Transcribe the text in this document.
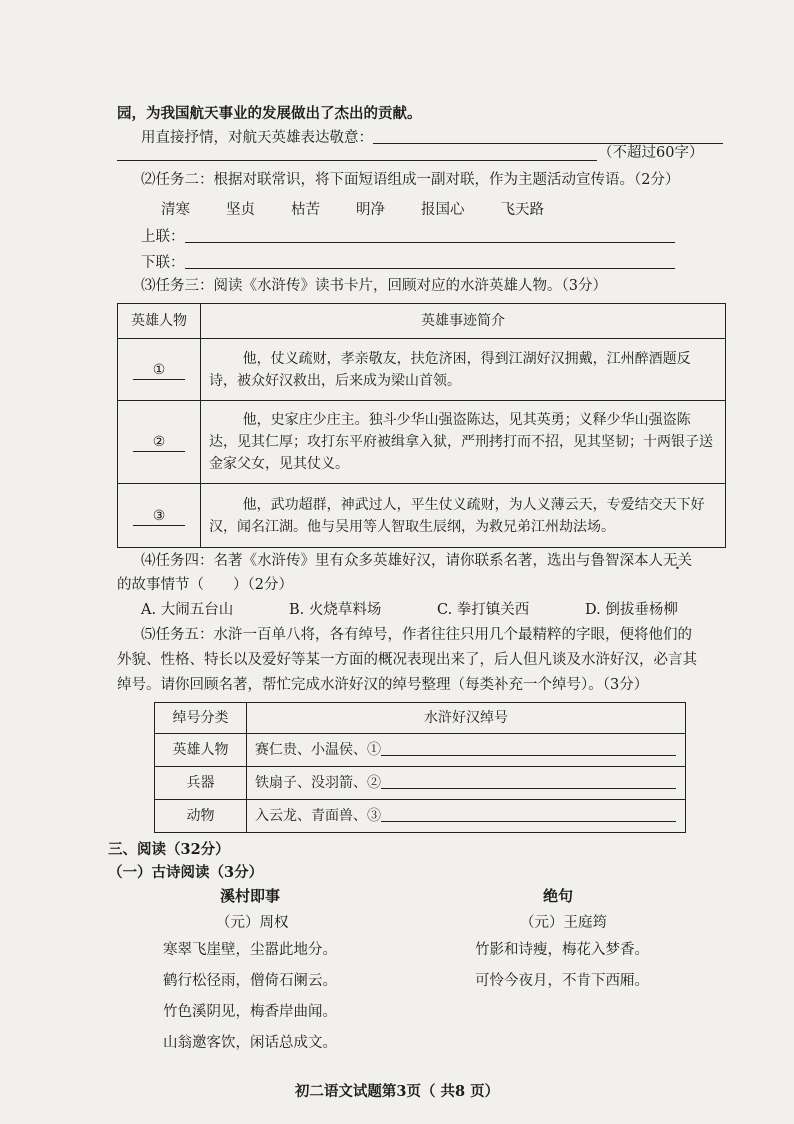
园，为我国航天事业的发展做出了杰出的贡献。
用直接抒情，对航天英雄表达敬意：
（不超过60字）
⑵任务二：根据对联常识，将下面短语组成一副对联，作为主题活动宣传语。（2分）
清寒 坚贞 枯苦 明净 报国心 飞天路
上联：
下联：
⑶任务三：阅读《水浒传》读书卡片，回顾对应的水浒英雄人物。（3分）
英雄人物	英雄事迹简介
①	他，仗义疏财，孝亲敬友，扶危济困，得到江湖好汉拥戴，江州醉酒题反诗，被众好汉救出，后来成为梁山首领。
②	他，史家庄少庄主。独斗少华山强盗陈达，见其英勇；义释少华山强盗陈达，见其仁厚；攻打东平府被缉拿入狱，严刑拷打而不招，见其坚韧；十两银子送金家父女，见其仗义。
③	他，武功超群，神武过人，平生仗义疏财，为人义薄云天，专爱结交天下好汉，闻名江湖。他与吴用等人智取生辰纲，为救兄弟江州劫法场。
⑷任务四：名著《水浒传》里有众多英雄好汉，请你联系名著，选出与鲁智深本人无关
的故事情节（　　）（2分）
A. 大闹五台山	B. 火烧草料场	C. 拳打镇关西	D. 倒拔垂杨柳
⑸任务五：水浒一百单八将，各有绰号，作者往往只用几个最精粹的字眼，便将他们的
外貌、性格、特长以及爱好等某一方面的概况表现出来了，后人但凡谈及水浒好汉，必言其
绰号。请你回顾名著，帮忙完成水浒好汉的绰号整理（每类补充一个绰号）。（3分）
绰号分类	水浒好汉绰号
英雄人物	赛仁贵、小温侯、①
兵器	铁扇子、没羽箭、②
动物	入云龙、青面兽、③
三、阅读（32分）
（一）古诗阅读（3分）
溪村即事
（元）周权
寒翠飞崖壁，尘嚣此地分。
鹤行松径雨，僧倚石阑云。
竹色溪阴见，梅香岸曲闻。
山翁邀客饮，闲话总成文。
绝句
（元）王庭筠
竹影和诗瘦，梅花入梦香。
可怜今夜月，不肯下西厢。
初二语文试题第3页（ 共8 页）
